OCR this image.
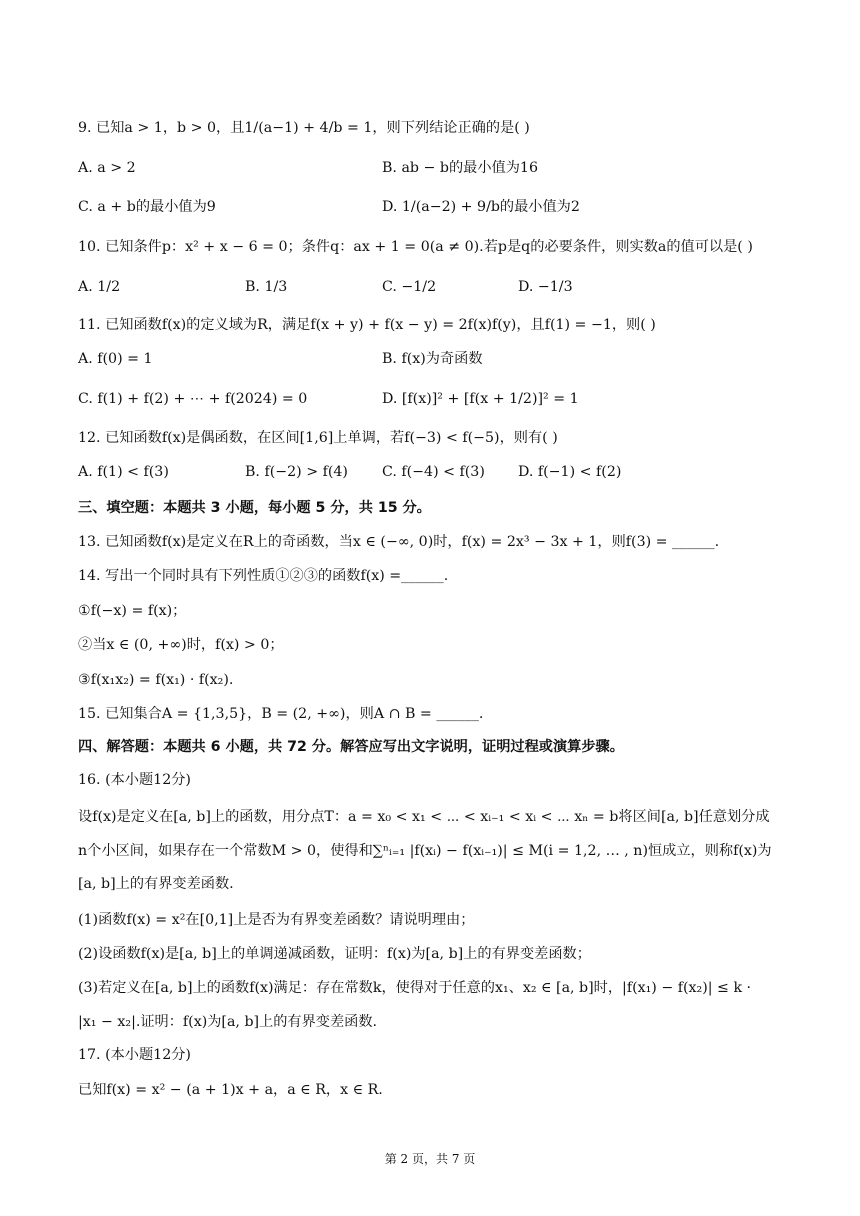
9. 已知a > 1，b > 0，且1/(a−1) + 4/b = 1，则下列结论正确的是( )
A. a > 2	B. ab − b的最小值为16
C. a + b的最小值为9	D. 1/(a−2) + 9/b的最小值为2
10. 已知条件p：x² + x − 6 = 0；条件q：ax + 1 = 0(a ≠ 0).若p是q的必要条件，则实数a的值可以是( )
A. 1/2	B. 1/3	C. −1/2	D. −1/3
11. 已知函数f(x)的定义域为R，满足f(x + y) + f(x − y) = 2f(x)f(y)，且f(1) = −1，则( )
A. f(0) = 1	B. f(x)为奇函数
C. f(1) + f(2) + ⋯ + f(2024) = 0	D. [f(x)]² + [f(x + 1/2)]² = 1
12. 已知函数f(x)是偶函数，在区间[1,6]上单调，若f(−3) < f(−5)，则有( )
A. f(1) < f(3)	B. f(−2) > f(4) C. f(−4) < f(3) D. f(−1) < f(2)
三、填空题：本题共 3 小题，每小题 5 分，共 15 分。
13. 已知函数f(x)是定义在R上的奇函数，当x ∈ (−∞, 0)时，f(x) = 2x³ − 3x + 1，则f(3) = ______.
14. 写出一个同时具有下列性质①②③的函数f(x) =______.
①f(−x) = f(x)；
②当x ∈ (0, +∞)时，f(x) > 0；
③f(x₁x₂) = f(x₁) · f(x₂).
15. 已知集合A = {1,3,5}，B = (2, +∞)，则A ∩ B = ______.
四、解答题：本题共 6 小题，共 72 分。解答应写出文字说明，证明过程或演算步骤。
16. (本小题12分)
设f(x)是定义在[a, b]上的函数，用分点T：a = x₀ < x₁ < ⋯ < xᵢ₋₁ < xᵢ < ⋯ xₙ = b将区间[a, b]任意划分成
n个小区间，如果存在一个常数M > 0，使得和∑ⁿᵢ₌₁ |f(xᵢ) − f(xᵢ₋₁)| ≤ M(i = 1,2, … , n)恒成立，则称f(x)为
[a, b]上的有界变差函数.
(1)函数f(x) = x²在[0,1]上是否为有界变差函数？请说明理由；
(2)设函数f(x)是[a, b]上的单调递减函数，证明：f(x)为[a, b]上的有界变差函数；
(3)若定义在[a, b]上的函数f(x)满足：存在常数k，使得对于任意的x₁、x₂ ∈ [a, b]时，|f(x₁) − f(x₂)| ≤ k ·
|x₁ − x₂|.证明：f(x)为[a, b]上的有界变差函数.
17. (本小题12分)
已知f(x) = x² − (a + 1)x + a，a ∈ R，x ∈ R.
第 2 页，共 7 页
